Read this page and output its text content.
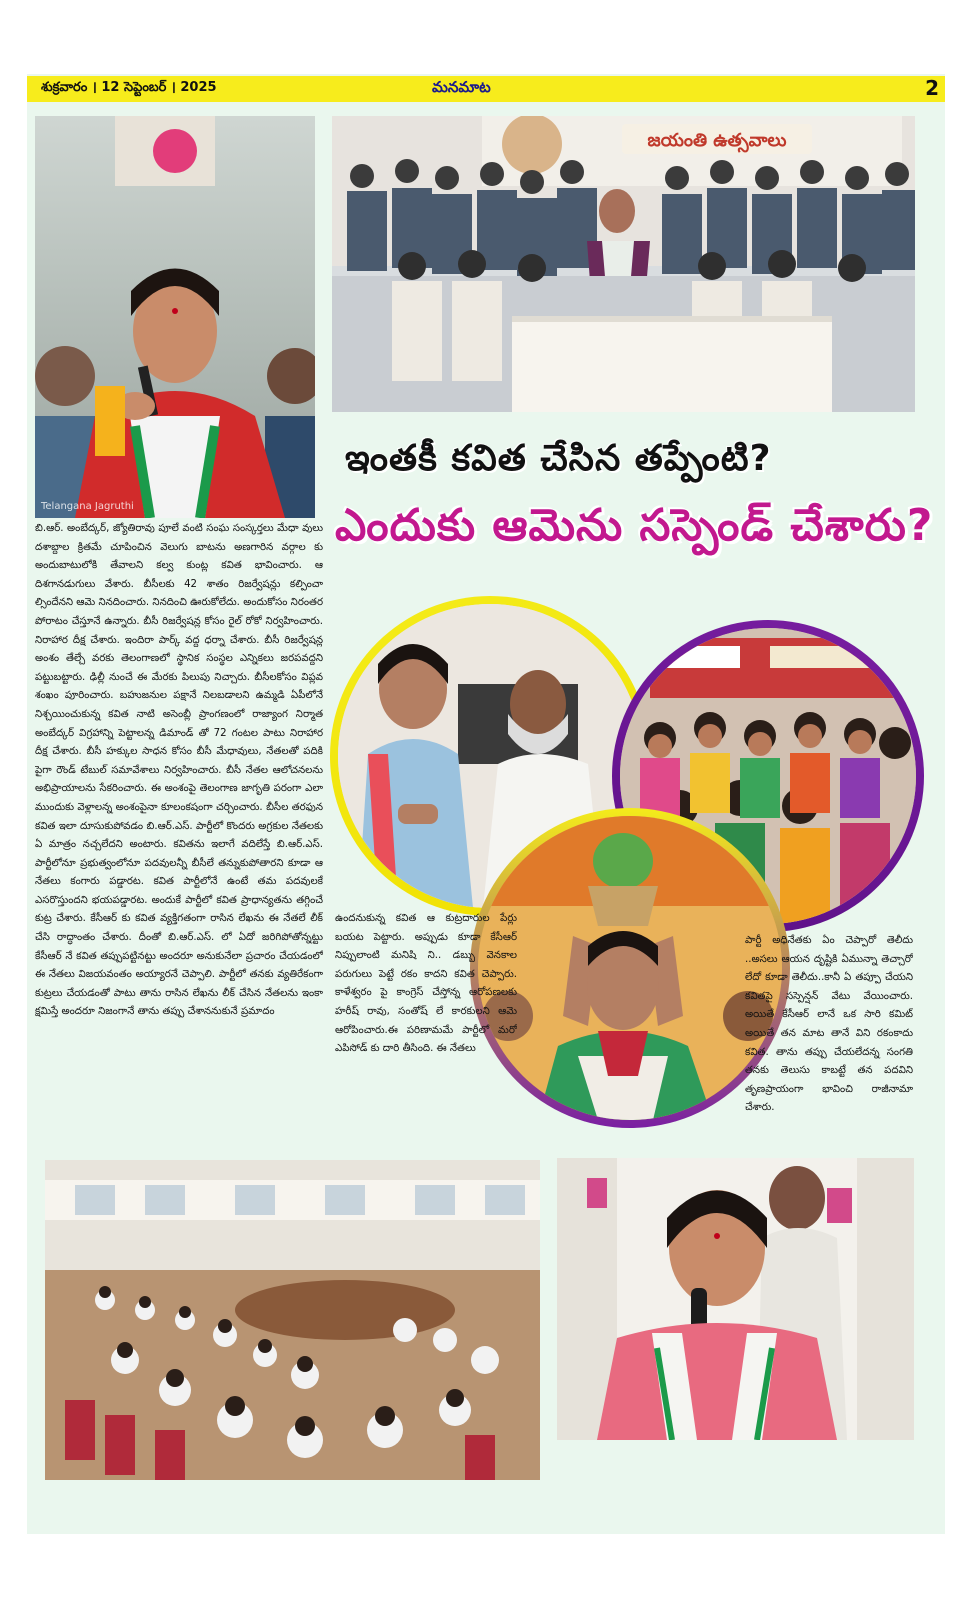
శుక్రవారం । 12 సెప్టెంబర్ । 2025	మనమాట	2
Telangana Jagruthi
జయంతి ఉత్సవాలు
ఇంతకీ కవిత చేసిన తప్పేంటి?
ఎందుకు ఆమెను సస్పెండ్ చేశారు?
బి.ఆర్. అంబేద్కర్, జ్యోతిరావు పూలే వంటి సంఘ సంస్కర్తలు మేధా వులు దశాబ్దాల క్రితమే చూపించిన వెలుగు బాటను అణగారిన వర్గాల కు అందుబాటులోకి తేవాలని కల్వ కుంట్ల కవిత భావించారు. ఆ దిశగానడుగులు వేశారు. బీసీలకు 42 శాతం రిజర్వేషన్లు కల్పించా ల్సిందేనని ఆమె నినదించారు. నినదించి ఊరుకోలేదు. అందుకోసం నిరంతర పోరాటం చేస్తూనే ఉన్నారు. బీసీ రిజర్వేషన్ల కోసం రైల్ రోకో నిర్వహించారు. నిరాహార దీక్ష చేశారు. ఇందిరా పార్క్ వద్ద ధర్నా చేశారు. బీసీ రిజర్వేషన్ల అంశం తేల్చే వరకు తెలంగాణలో స్థానిక సంస్థల ఎన్నికలు జరపవద్దని పట్టుబట్టారు. ఢిల్లీ నుంచే ఈ మేరకు పిలుపు నిచ్చారు. బీసీలకోసం విప్లవ శంఖం పూరించారు. బహుజనుల పక్షానే నిలబడాలని ఉమ్మడి ఏపీలోనే నిశ్చయించుకున్న కవిత నాటి అసెంబ్లీ ప్రాంగణంలో రాజ్యాంగ నిర్మాత అంబేద్కర్ విగ్రహాన్ని పెట్టాలన్న డిమాండ్ తో 72 గంటల పాటు నిరాహార దీక్ష చేశారు. బీసీ హక్కుల సాధన కోసం బీసీ మేధావులు, నేతలతో పదికి పైగా రౌండ్ టేబుల్ సమావేశాలు నిర్వహించారు. బీసీ నేతల ఆలోచనలను అభిప్రాయాలను సేకరించారు. ఈ అంశంపై తెలంగాణ జాగృతి పరంగా ఎలా ముందుకు వెళ్లాలన్న అంశంపైనా కూలంకషంగా చర్చించారు. బీసీల తరఫున కవిత ఇలా దూసుకుపోవడం బి.ఆర్.ఎస్. పార్టీలో కొందరు అగ్రకుల నేతలకు ఏ మాత్రం నచ్చలేదని అంటారు. కవితను ఇలాగే వదిలేస్తే బి.ఆర్.ఎస్. పార్టీలోనూ ప్రభుత్వంలోనూ పదవులన్నీ బీసీలే తన్నుకుపోతారని కూడా ఆ నేతలు కంగారు పడ్డారట. కవిత పార్టీలోనే ఉంటే తమ పదవులకే ఎసరొస్తుందని భయపడ్డారట. అందుకే పార్టీలో కవిత ప్రాధాన్యతను తగ్గించే కుట్ర చేశారు. కేసీఆర్ కు కవిత వ్యక్తిగతంగా రాసిన లేఖను ఈ నేతలే లీక్ చేసి రాద్ధాంతం చేశారు. దీంతో బి.ఆర్.ఎస్. లో ఏదో జరిగిపోతోన్నట్టు కేసీఆర్ నే కవిత తప్పుపట్టినట్టు అందరూ అనుకునేలా ప్రచారం చేయడంలో ఈ నేతలు విజయవంతం అయ్యారనే చెప్పాలి. పార్టీలో తనకు వ్యతిరేకంగా కుట్రలు చేయడంతో పాటు తాను రాసిన లేఖను లీక్ చేసిన నేతలను ఇంకా క్షమిస్తే అందరూ నిజంగానే తాను తప్పు చేశాననుకునే ప్రమాదం
ఉందనుకున్న కవిత ఆ కుట్రదారుల పేర్లు బయట పెట్టారు. అప్పుడు కూడా కేసీఆర్ నిప్పులాంటి మనిషి ని.. డబ్బు వెనకాల పరుగులు పెట్టే రకం కాదని కవిత చెప్పారు. కాళేశ్వరం పై కాంగ్రెస్ చేస్తోన్న ఆరోపణలకు హరీష్ రావు, సంతోష్ లే కారకులని ఆమె ఆరోపించారు.ఈ పరిణామమే పార్టీలో మరో ఎపిసోడ్ కు దారి తీసింది. ఈ నేతలు
పార్టీ అధినేతకు ఏం చెప్పారో తెలీదు ..అసలు ఆయన దృష్టికి ఏమున్నా తెచ్చారో లేదో కూడా తెలీదు..కానీ ఏ తప్పూ చేయని కవితపై సస్పెన్షన్ వేటు వేయించారు. అయితే కేసీఆర్ లానే ఒక సారి కమిట్ అయితే తన మాట తానే విని రకంకాదు కవిత. తాను తప్పు చేయలేదన్న సంగతి తనకు తెలుసు కాబట్టే తన పదవిని తృణప్రాయంగా భావించి రాజీనామా చేశారు.
